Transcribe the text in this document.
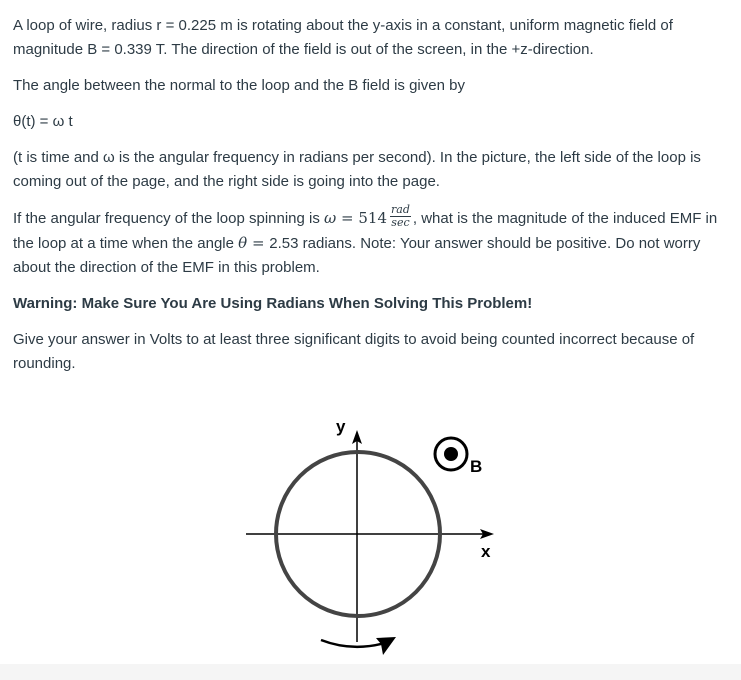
A loop of wire, radius r = 0.225 m is rotating about the y-axis in a constant, uniform magnetic field of magnitude B = 0.339 T. The direction of the field is out of the screen, in the +z-direction.

The angle between the normal to the loop and the B field is given by

θ(t) = ω t

(t is time and ω is the angular frequency in radians per second). In the picture, the left side of the loop is coming out of the page, and the right side is going into the page.

If the angular frequency of the loop spinning is $\omega = 514 \frac{\text{rad}}{\sec}$ , what is the magnitude of the induced EMF in the loop at a time when the angle θ = 2.53 radians. Note: Your answer should be positive. Do not worry about the direction of the EMF in this problem.

Warning: Make Sure You Are Using Radians When Solving This Problem!

Give your answer in Volts to at least three significant digits to avoid being counted incorrect because of rounding.

y
x
B
